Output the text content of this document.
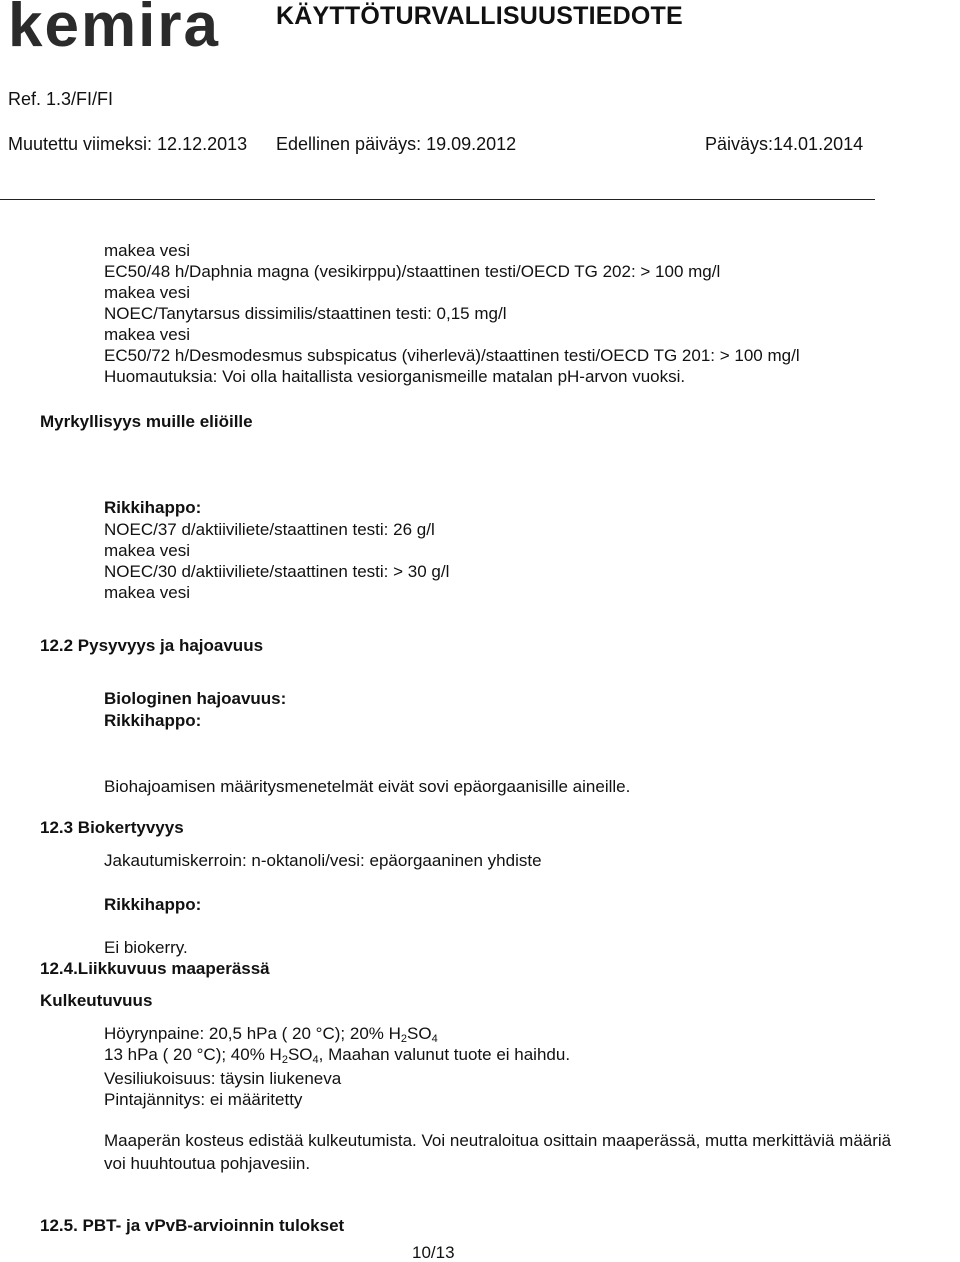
kemira KÄYTTÖTURVALLISUUSTIEDOTE
Ref. 1.3/FI/FI
Muutettu viimeksi: 12.12.2013 Edellinen päiväys: 19.09.2012	Päiväys:14.01.2014
makea vesi
EC50/48 h/Daphnia magna (vesikirppu)/staattinen testi/OECD TG 202: > 100 mg/l
makea vesi
NOEC/Tanytarsus dissimilis/staattinen testi: 0,15 mg/l
makea vesi
EC50/72 h/Desmodesmus subspicatus (viherlevä)/staattinen testi/OECD TG 201: > 100 mg/l
Huomautuksia: Voi olla haitallista vesiorganismeille matalan pH-arvon vuoksi.
Myrkyllisyys muille eliöille
Rikkihappo:
NOEC/37 d/aktiiviliete/staattinen testi: 26 g/l
makea vesi
NOEC/30 d/aktiiviliete/staattinen testi: > 30 g/l
makea vesi
12.2 Pysyvyys ja hajoavuus
Biologinen hajoavuus:
Rikkihappo:
Biohajoamisen määritysmenetelmät eivät sovi epäorgaanisille aineille.
12.3 Biokertyvyys
Jakautumiskerroin: n-oktanoli/vesi: epäorgaaninen yhdiste
Rikkihappo:
Ei biokerry.
12.4.Liikkuvuus maaperässä
Kulkeutuvuus
Höyrynpaine: 20,5 hPa ( 20 °C); 20% $H_2SO_4$
13 hPa ( 20 °C); 40% $H_2SO_4$, Maahan valunut tuote ei haihdu.
Vesiliukoisuus: täysin liukeneva
Pintajännitys: ei määritetty
Maaperän kosteus edistää kulkeutumista. Voi neutraloitua osittain maaperässä, mutta merkittäviä määriä
voi huuhtoutua pohjavesiin.
12.5. PBT- ja vPvB-arvioinnin tulokset
10/13
